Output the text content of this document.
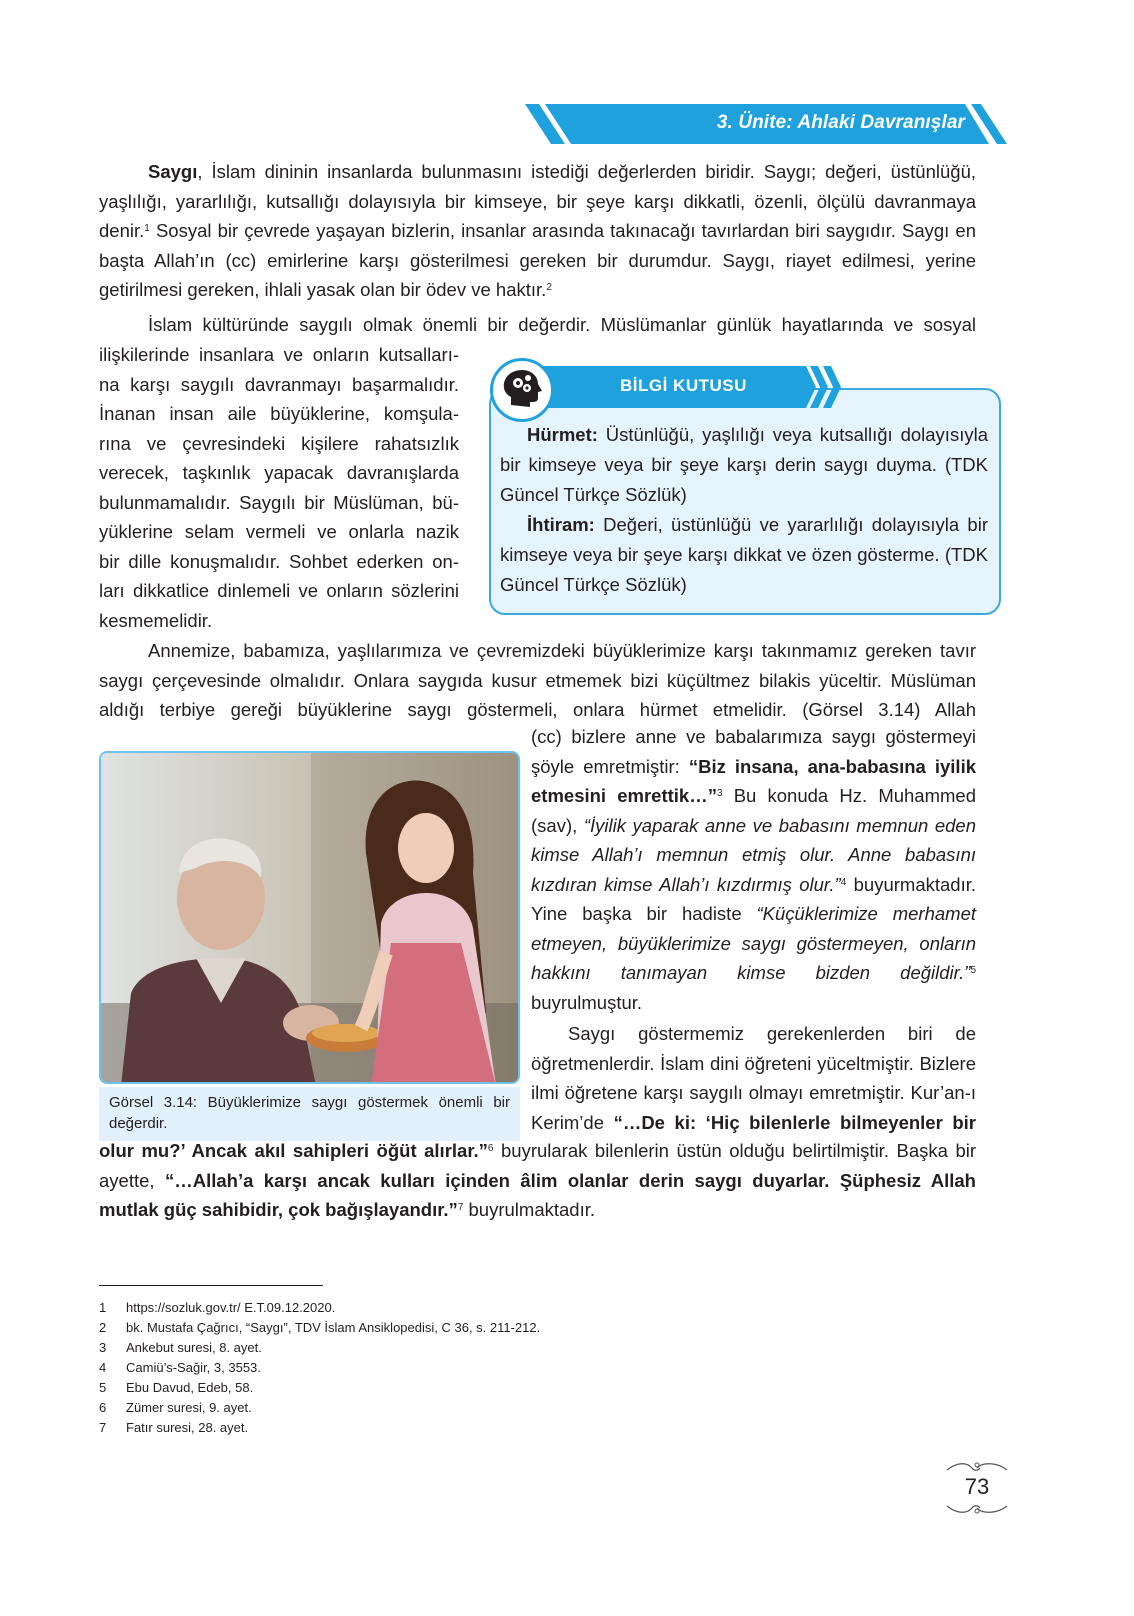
3. Ünite: Ahlaki Davranışlar

Saygı, İslam dininin insanlarda bulunmasını istediği değerlerden biridir. Saygı; değeri, üstünlüğü, yaşlılığı, yararlılığı, kutsallığı dolayısıyla bir kimseye, bir şeye karşı dikkatli, özenli, ölçülü davranmaya denir.$^1$ Sosyal bir çevrede yaşayan bizlerin, insanlar arasında takınacağı tavırlardan biri saygıdır. Saygı en başta Allah’ın (cc) emirlerine karşı gösterilmesi gereken bir durumdur. Saygı, riayet edilmesi, yerine getirilmesi gereken, ihlali yasak olan bir ödev ve haktır.$^2$

İslam kültüründe saygılı olmak önemli bir değerdir. Müslümanlar günlük hayatlarında ve sosyal

ilişkilerinde insanlara ve onların kutsalları-
na karşı saygılı davranmayı başarmalıdır.
İnanan insan aile büyüklerine, komşula-
rına ve çevresindeki kişilere rahatsızlık
verecek, taşkınlık yapacak davranışlarda
bulunmamalıdır. Saygılı bir Müslüman, bü-
yüklerine selam vermeli ve onlarla nazik
bir dille konuşmalıdır. Sohbet ederken on-
ları dikkatlice dinlemeli ve onların sözlerini
kesmemelidir.
BİLGİ KUTUSU

Hürmet: Üstünlüğü, yaşlılığı veya kutsallığı dolayısıyla bir kimseye veya bir şeye karşı derin saygı duyma. (TDK Güncel Türkçe Sözlük)

İhtiram: Değeri, üstünlüğü ve yararlılığı dolayısıyla bir kimseye veya bir şeye karşı dikkat ve özen gösterme. (TDK Güncel Türkçe Sözlük)

Annemize, babamıza, yaşlılarımıza ve çevremizdeki büyüklerimize karşı takınmamız gereken tavır saygı çerçevesinde olmalıdır. Onlara saygıda kusur etmemek bizi küçültmez bilakis yüceltir. Müslüman aldığı terbiye gereği büyüklerine saygı göstermeli, onlara hürmet etmelidir. (Görsel 3.14) Allah

Görsel 3.14: Büyüklerimize saygı göstermek önemli bir değerdir.

(cc) bizlere anne ve babalarımıza saygı göstermeyi şöyle emretmiştir: “Biz insana, ana-babasına iyilik etmesini emrettik…”$^3$ Bu konuda Hz. Muhammed (sav), “İyilik yaparak anne ve babasını memnun eden kimse Allah’ı memnun etmiş olur. Anne babasını kızdıran kimse Allah’ı kızdırmış olur.”$^4$ buyurmaktadır. Yine başka bir hadiste “Küçüklerimize merhamet etmeyen, büyüklerimize saygı göstermeyen, onların hakkını tanımayan kimse bizden değildir.”$^5$ buyrulmuştur.

Saygı göstermemiz gerekenlerden biri de öğretmenlerdir. İslam dini öğreteni yüceltmiştir. Bizlere ilmi öğretene karşı saygılı olmayı emretmiştir. Kur’an-ı Kerim’de “…De ki: ‘Hiç bilenlerle bilmeyenler bir

olur mu?’ Ancak akıl sahipleri öğüt alırlar.”$^6$ buyrularak bilenlerin üstün olduğu belirtilmiştir. Başka bir ayette, “…Allah’a karşı ancak kulları içinden âlim olanlar derin saygı duyarlar. Şüphesiz Allah mutlak güç sahibidir, çok bağışlayandır.”$^7$ buyrulmaktadır.

1	https://sozluk.gov.tr/ E.T.09.12.2020.
2	bk. Mustafa Çağrıcı, “Saygı”, TDV İslam Ansiklopedisi, C 36, s. 211-212.
3	Ankebut suresi, 8. ayet.
4	Camiü’s-Sağir, 3, 3553.
5	Ebu Davud, Edeb, 58.
6	Zümer suresi, 9. ayet.
7	Fatır suresi, 28. ayet.
73
